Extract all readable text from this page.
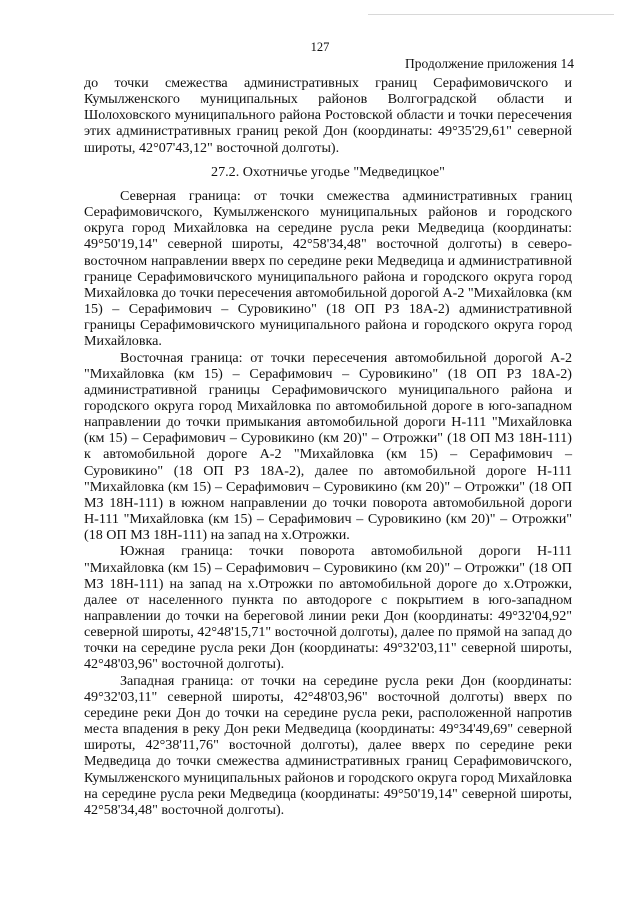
127
Продолжение приложения 14

до точки смежества административных границ Серафимовичского и Кумылженского муниципальных районов Волгоградской области и Шолоховского муниципального района Ростовской области и точки пересечения этих административных границ рекой Дон (координаты: 49°35'29,61" северной широты, 42°07'43,12" восточной долготы).

27.2. Охотничье угодье "Медведицкое"

Северная граница: от точки смежества административных границ Серафимовичского, Кумылженского муниципальных районов и городского округа город Михайловка на середине русла реки Медведица (координаты: 49°50'19,14" северной широты, 42°58'34,48" восточной долготы) в северо-восточном направлении вверх по середине реки Медведица и административной границе Серафимовичского муниципального района и городского округа город Михайловка до точки пересечения автомобильной дорогой А-2 "Михайловка (км 15) – Серафимович – Суровикино" (18 ОП РЗ 18А-2) административной границы Серафимовичского муниципального района и городского округа город Михайловка.

Восточная граница: от точки пересечения автомобильной дорогой А-2 "Михайловка (км 15) – Серафимович – Суровикино" (18 ОП РЗ 18А-2) административной границы Серафимовичского муниципального района и городского округа город Михайловка по автомобильной дороге в юго-западном направлении до точки примыкания автомобильной дороги Н-111 "Михайловка (км 15) – Серафимович – Суровикино (км 20)" – Отрожки" (18 ОП МЗ 18Н-111) к автомобильной дороге А-2 "Михайловка (км 15) – Серафимович – Суровикино" (18 ОП РЗ 18А-2), далее по автомобильной дороге Н-111 "Михайловка (км 15) – Серафимович – Суровикино (км 20)" – Отрожки" (18 ОП МЗ 18Н-111) в южном направлении до точки поворота автомобильной дороги Н-111 "Михайловка (км 15) – Серафимович – Суровикино (км 20)" – Отрожки" (18 ОП МЗ 18Н-111) на запад на х.Отрожки.

Южная граница: точки поворота автомобильной дороги Н-111 "Михайловка (км 15) – Серафимович – Суровикино (км 20)" – Отрожки" (18 ОП МЗ 18Н-111) на запад на х.Отрожки по автомобильной дороге до х.Отрожки, далее от населенного пункта по автодороге с покрытием в юго-западном направлении до точки на береговой линии реки Дон (координаты: 49°32'04,92" северной широты, 42°48'15,71" восточной долготы), далее по прямой на запад до точки на середине русла реки Дон (координаты: 49°32'03,11" северной широты, 42°48'03,96" восточной долготы).

Западная граница: от точки на середине русла реки Дон (координаты: 49°32'03,11" северной широты, 42°48'03,96" восточной долготы) вверх по середине реки Дон до точки на середине русла реки, расположенной напротив места впадения в реку Дон реки Медведица (координаты: 49°34'49,69" северной широты, 42°38'11,76" восточной долготы), далее вверх по середине реки Медведица до точки смежества административных границ Серафимовичского, Кумылженского муниципальных районов и городского округа город Михайловка на середине русла реки Медведица (координаты: 49°50'19,14" северной широты, 42°58'34,48" восточной долготы).
